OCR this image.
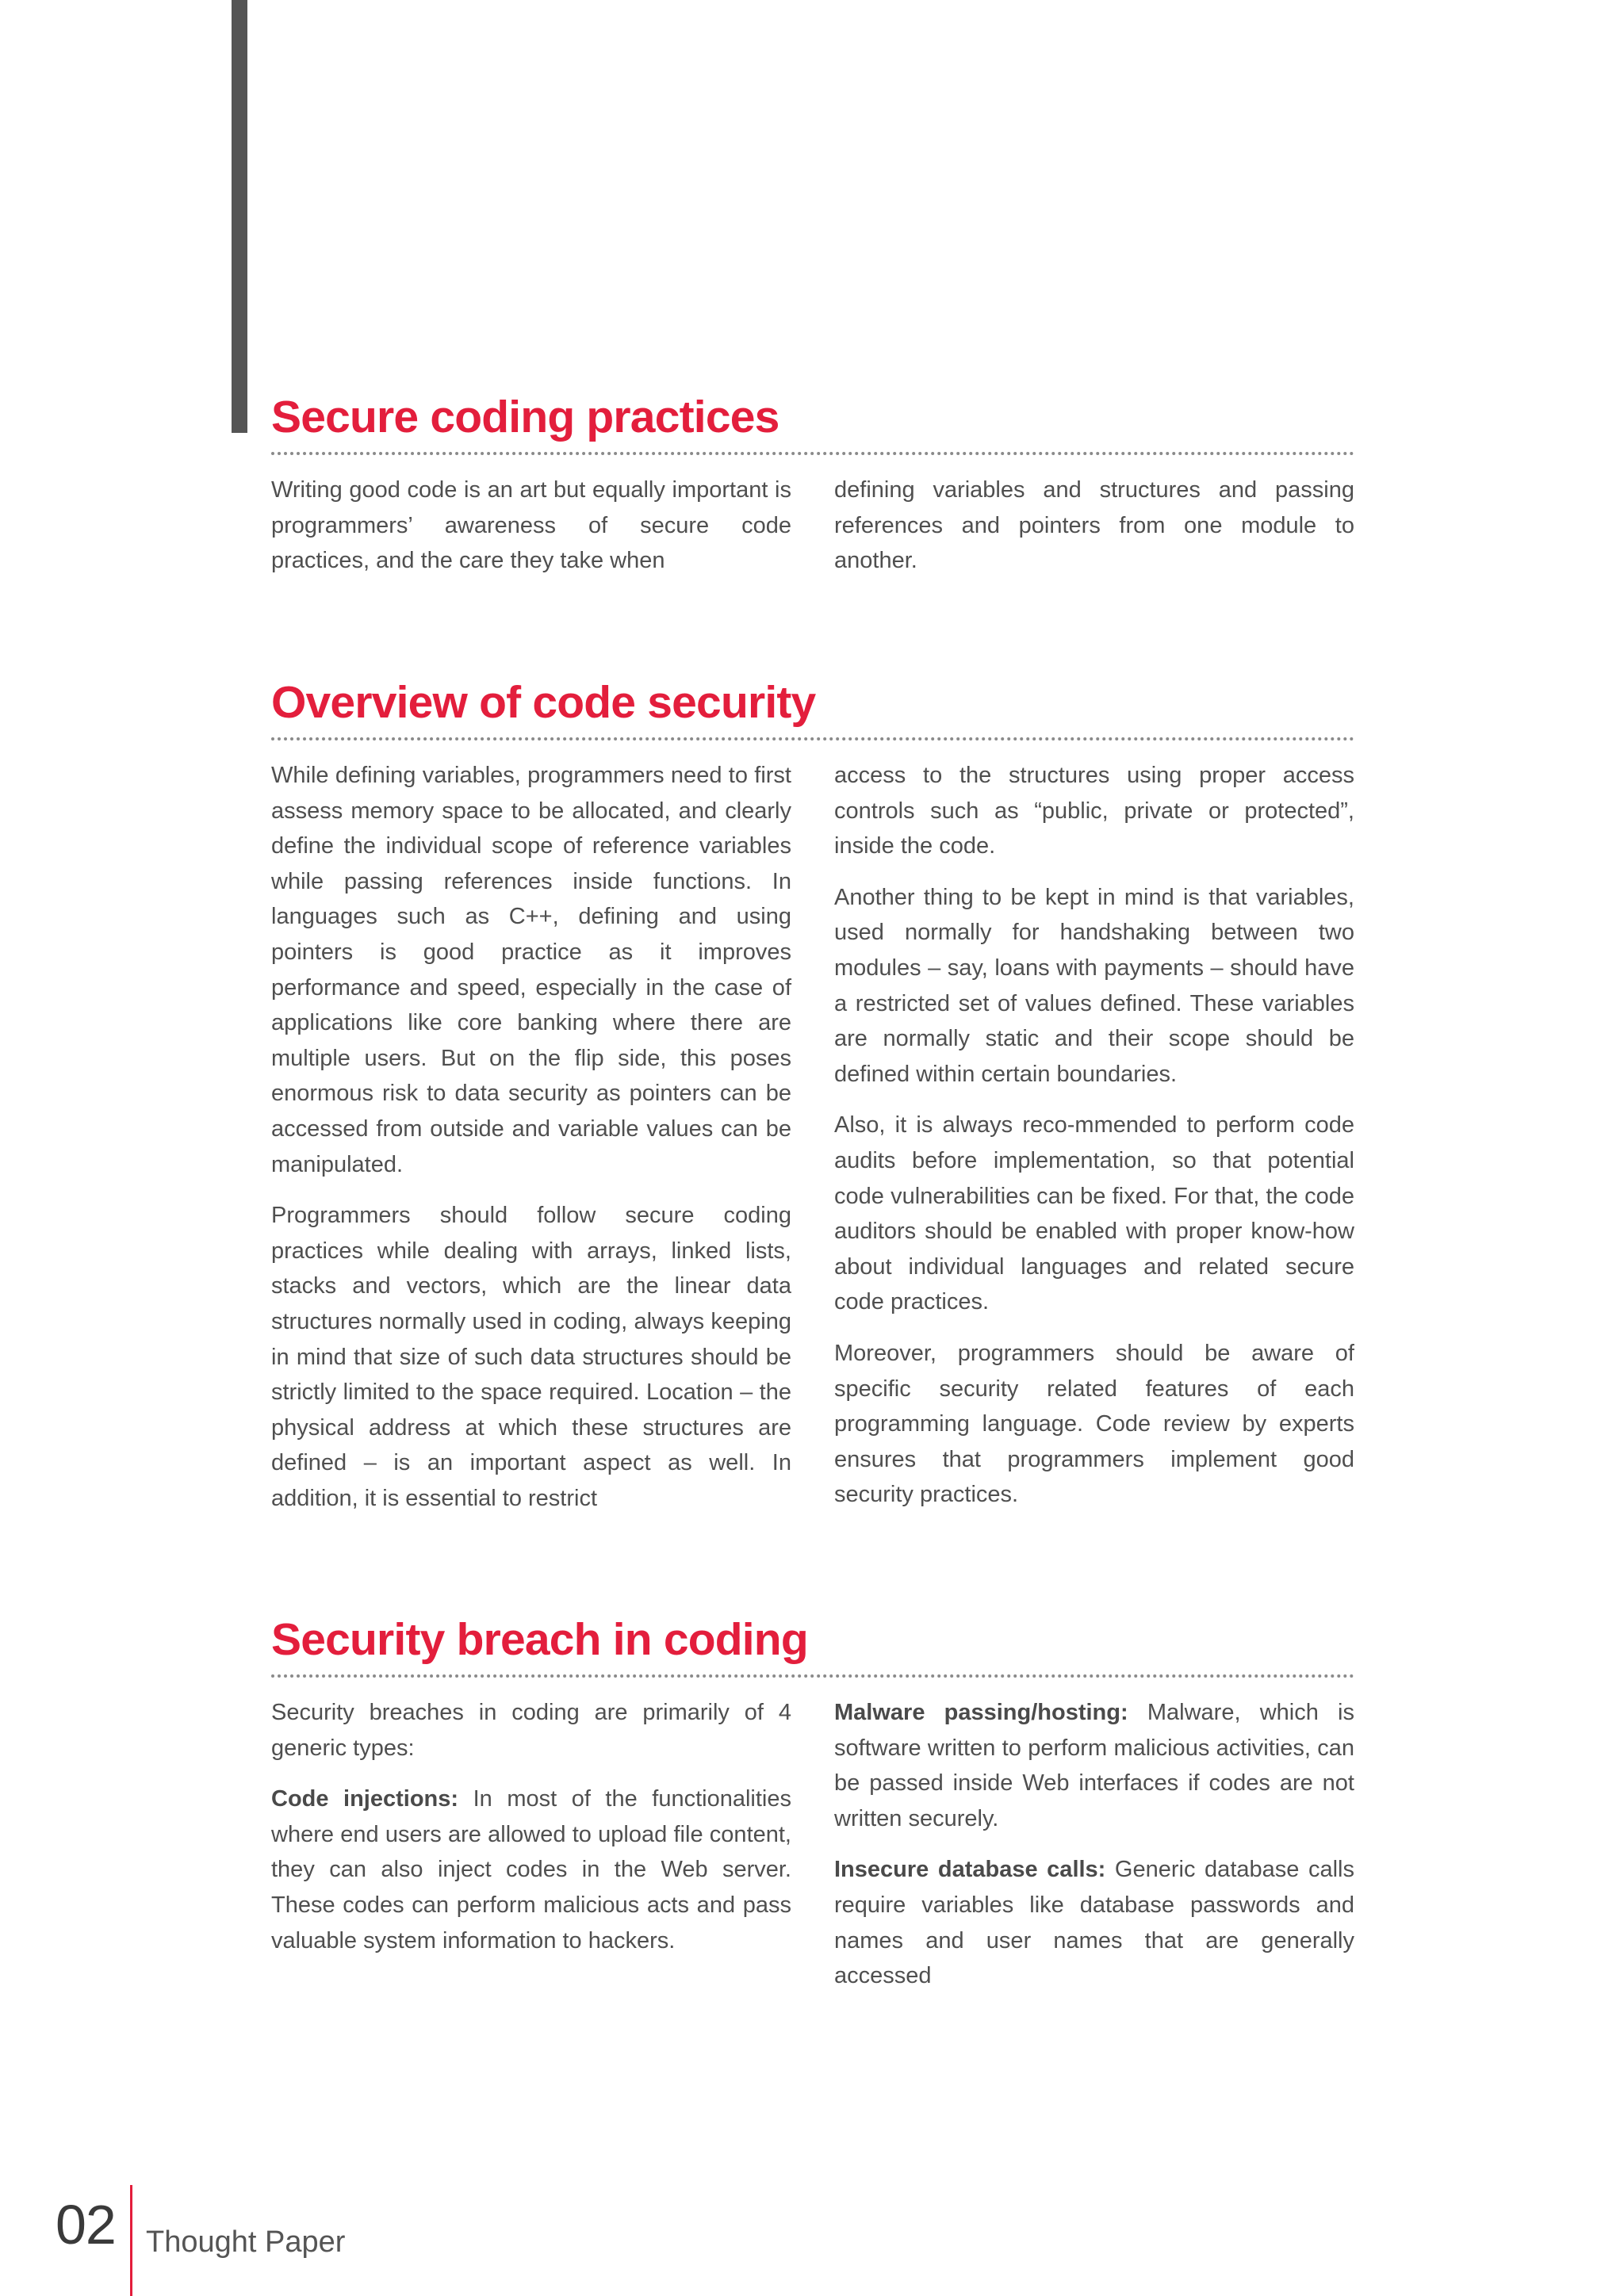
Secure coding practices

Writing good code is an art but equally important is programmers’ awareness of secure code practices, and the care they take when

defining variables and structures and passing references and pointers from one module to another.

Overview of code security

While defining variables, programmers need to first assess memory space to be allocated, and clearly define the individual scope of reference variables while passing references inside functions. In languages such as C++, defining and using pointers is good practice as it improves performance and speed, especially in the case of applications like core banking where there are multiple users. But on the flip side, this poses enormous risk to data security as pointers can be accessed from outside and variable values can be manipulated.

Programmers should follow secure coding practices while dealing with arrays, linked lists, stacks and vectors, which are the linear data structures normally used in coding, always keeping in mind that size of such data structures should be strictly limited to the space required. Location – the physical address at which these structures are defined – is an important aspect as well. In addition, it is essential to restrict

access to the structures using proper access controls such as “public, private or protected”, inside the code.

Another thing to be kept in mind is that variables, used normally for handshaking between two modules – say, loans with payments – should have a restricted set of values defined. These variables are normally static and their scope should be defined within certain boundaries.

Also, it is always reco-mmended to perform code audits before implementation, so that potential code vulnerabilities can be fixed. For that, the code auditors should be enabled with proper know-how about individual languages and related secure code practices.

Moreover, programmers should be aware of specific security related features of each programming language. Code review by experts ensures that programmers implement good security practices.

Security breach in coding

Security breaches in coding are primarily of 4 generic types:

Code injections: In most of the functionalities where end users are allowed to upload file content, they can also inject codes in the Web server. These codes can perform malicious acts and pass valuable system information to hackers.

Malware passing/hosting: Malware, which is software written to perform malicious activities, can be passed inside Web interfaces if codes are not written securely.

Insecure database calls: Generic database calls require variables like database passwords and names and user names that are generally accessed

02 Thought Paper
